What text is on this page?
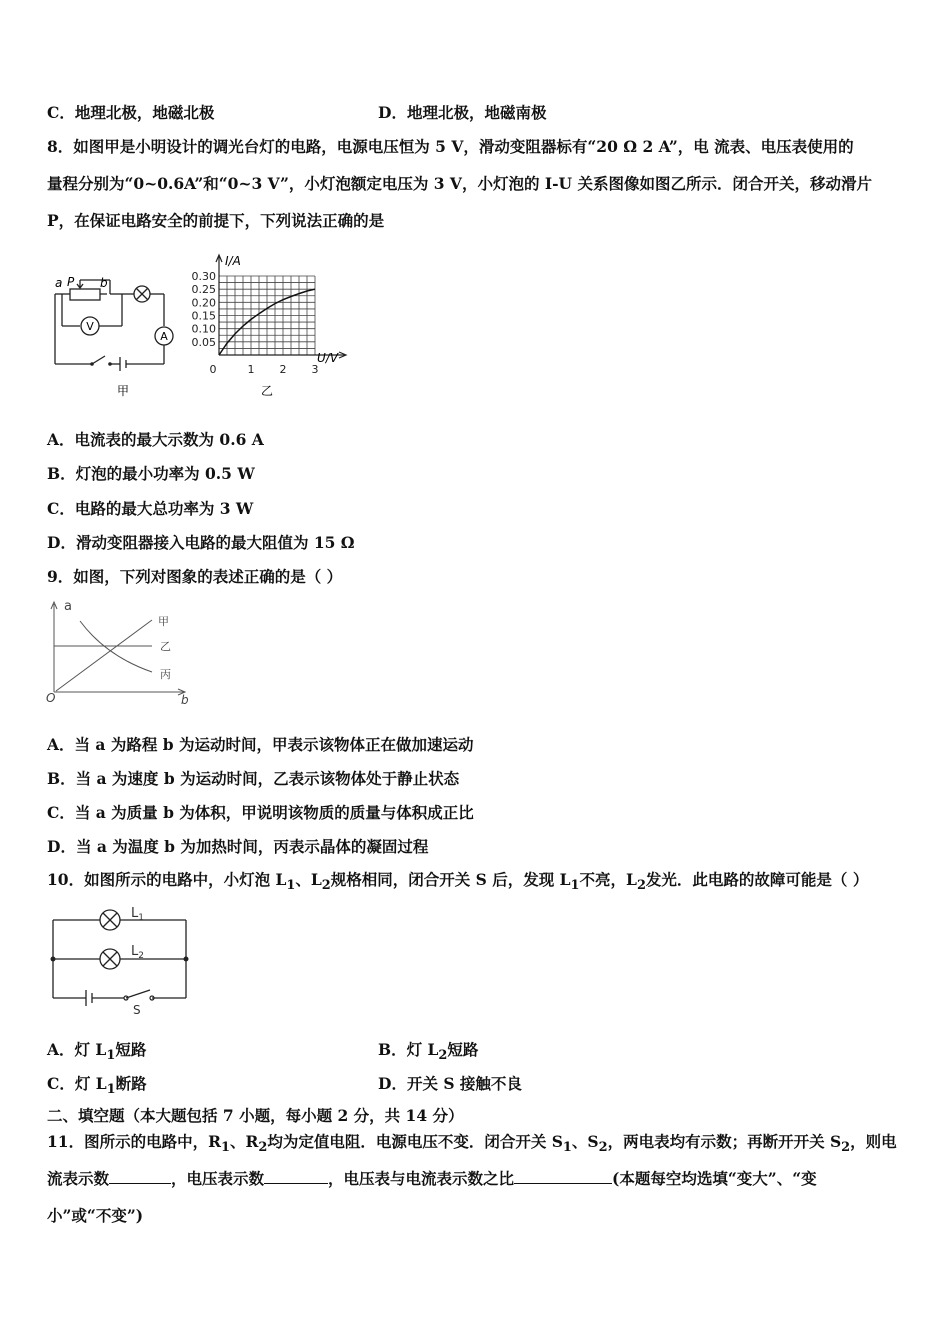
C．地理北极，地磁北极	D．地理北极，地磁南极
8．如图甲是小明设计的调光台灯的电路，电源电压恒为 5 V，滑动变阻器标有“20 Ω 2 A”，电 流表、电压表使用的
量程分别为“0~0.6A”和“0~3 V”，小灯泡额定电压为 3 V，小灯泡的 I-U 关系图像如图乙所示．闭合开关，移动滑片
P，在保证电路安全的前提下，下列说法正确的是
a P b
V
A
甲
0.05
0.10
0.15
0.20
0.25
0.30
0	1 2 3
I/A
U/V
乙
A．电流表的最大示数为 0.6 A
B．灯泡的最小功率为 0.5 W
C．电路的最大总功率为 3 W
D．滑动变阻器接入电路的最大阻值为 15 Ω
9．如图，下列对图象的表述正确的是（ ）
a
b
O
甲
乙
丙
A．当 a 为路程 b 为运动时间，甲表示该物体正在做加速运动
B．当 a 为速度 b 为运动时间，乙表示该物体处于静止状态
C．当 a 为质量 b 为体积，甲说明该物质的质量与体积成正比
D．当 a 为温度 b 为加热时间，丙表示晶体的凝固过程
10．如图所示的电路中，小灯泡 $L_1$、$L_2$规格相同，闭合开关 S 后，发现 $L_1$不亮，$L_2$发光．此电路的故障可能是（ ）
$L_1$
$L_2$
S
A．灯 $L_1$短路	B．灯 $L_2$短路
C．灯 $L_1$断路	D．开关 S 接触不良
二、填空题（本大题包括 7 小题，每小题 2 分，共 14 分）
11．图所示的电路中，$R_1$、$R_2$均为定值电阻．电源电压不变．闭合开关 $S_1$、$S_2$，两电表均有示数；再断开开关 $S_2$，则电
流表示数	，电压表示数	，电压表与电流表示数之比	(本题每空均选填“变大”、“变
小”或“不变”)
